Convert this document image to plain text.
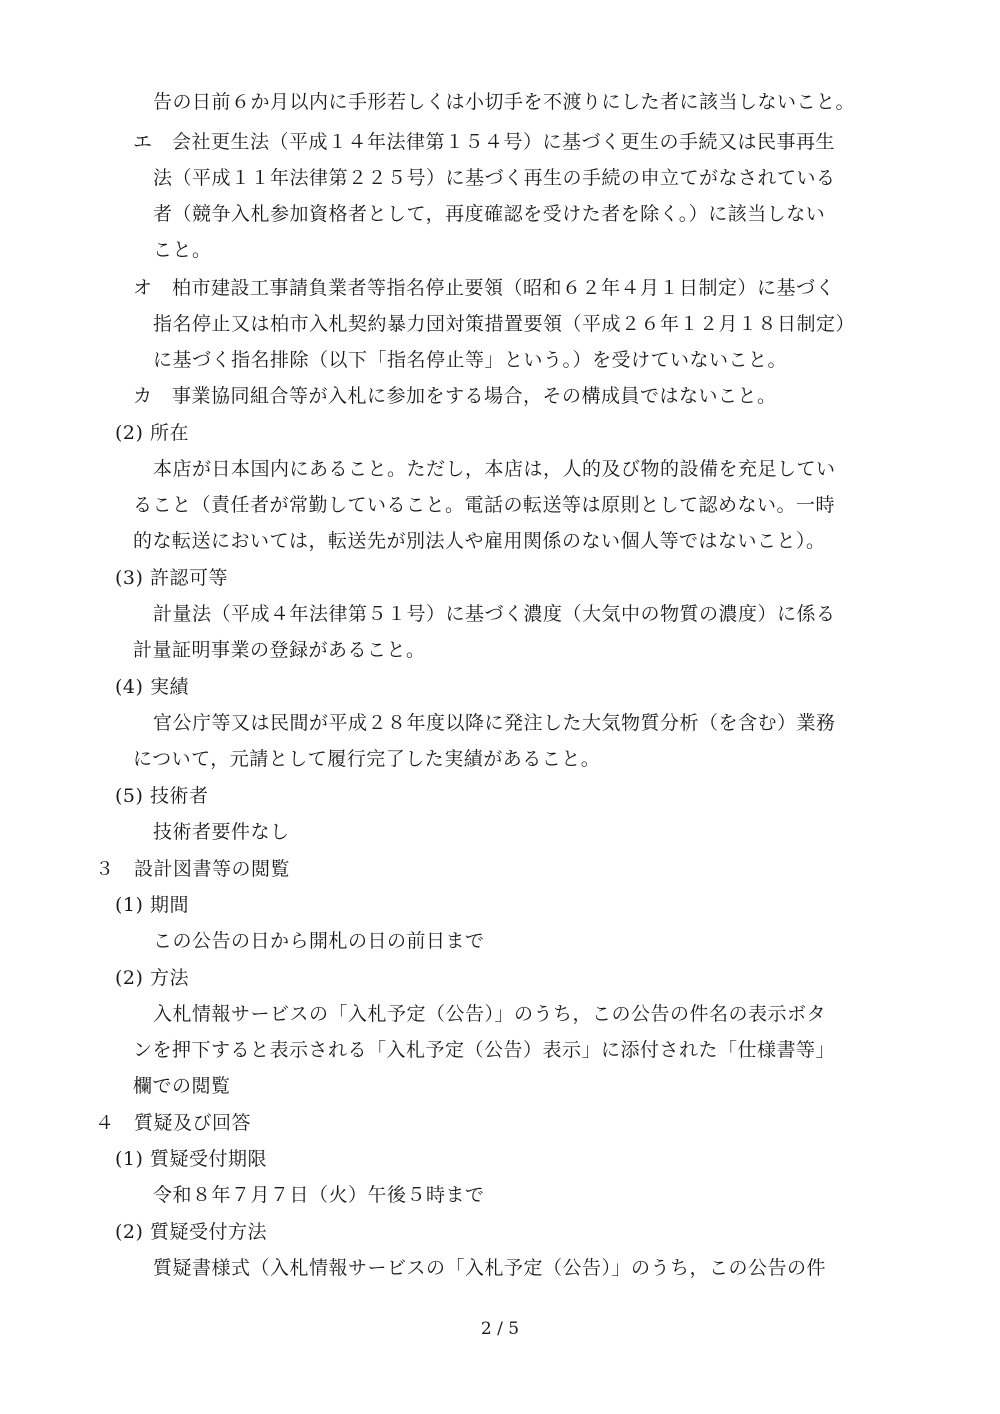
告の日前６か月以内に手形若しくは小切手を不渡りにした者に該当しないこと。
エ　会社更生法（平成１４年法律第１５４号）に基づく更生の手続又は民事再生
法（平成１１年法律第２２５号）に基づく再生の手続の申立てがなされている
者（競争入札参加資格者として，再度確認を受けた者を除く。）に該当しない
こと。
オ　柏市建設工事請負業者等指名停止要領（昭和６２年４月１日制定）に基づく
指名停止又は柏市入札契約暴力団対策措置要領（平成２６年１２月１８日制定）
に基づく指名排除（以下「指名停止等」という。）を受けていないこと。
カ　事業協同組合等が入札に参加をする場合，その構成員ではないこと。
(2) 所在
本店が日本国内にあること。ただし，本店は，人的及び物的設備を充足してい
ること（責任者が常勤していること。電話の転送等は原則として認めない。一時
的な転送においては，転送先が別法人や雇用関係のない個人等ではないこと）。
(3) 許認可等
計量法（平成４年法律第５１号）に基づく濃度（大気中の物質の濃度）に係る
計量証明事業の登録があること。
(4) 実績
官公庁等又は民間が平成２８年度以降に発注した大気物質分析（を含む）業務
について，元請として履行完了した実績があること。
(5) 技術者
技術者要件なし
３　設計図書等の閲覧
(1) 期間
この公告の日から開札の日の前日まで
(2) 方法
入札情報サービスの「入札予定（公告）」のうち，この公告の件名の表示ボタ
ンを押下すると表示される「入札予定（公告）表示」に添付された「仕様書等」
欄での閲覧
４　質疑及び回答
(1) 質疑受付期限
令和８年７月７日（火）午後５時まで
(2) 質疑受付方法
質疑書様式（入札情報サービスの「入札予定（公告）」のうち，この公告の件
2 / 5
